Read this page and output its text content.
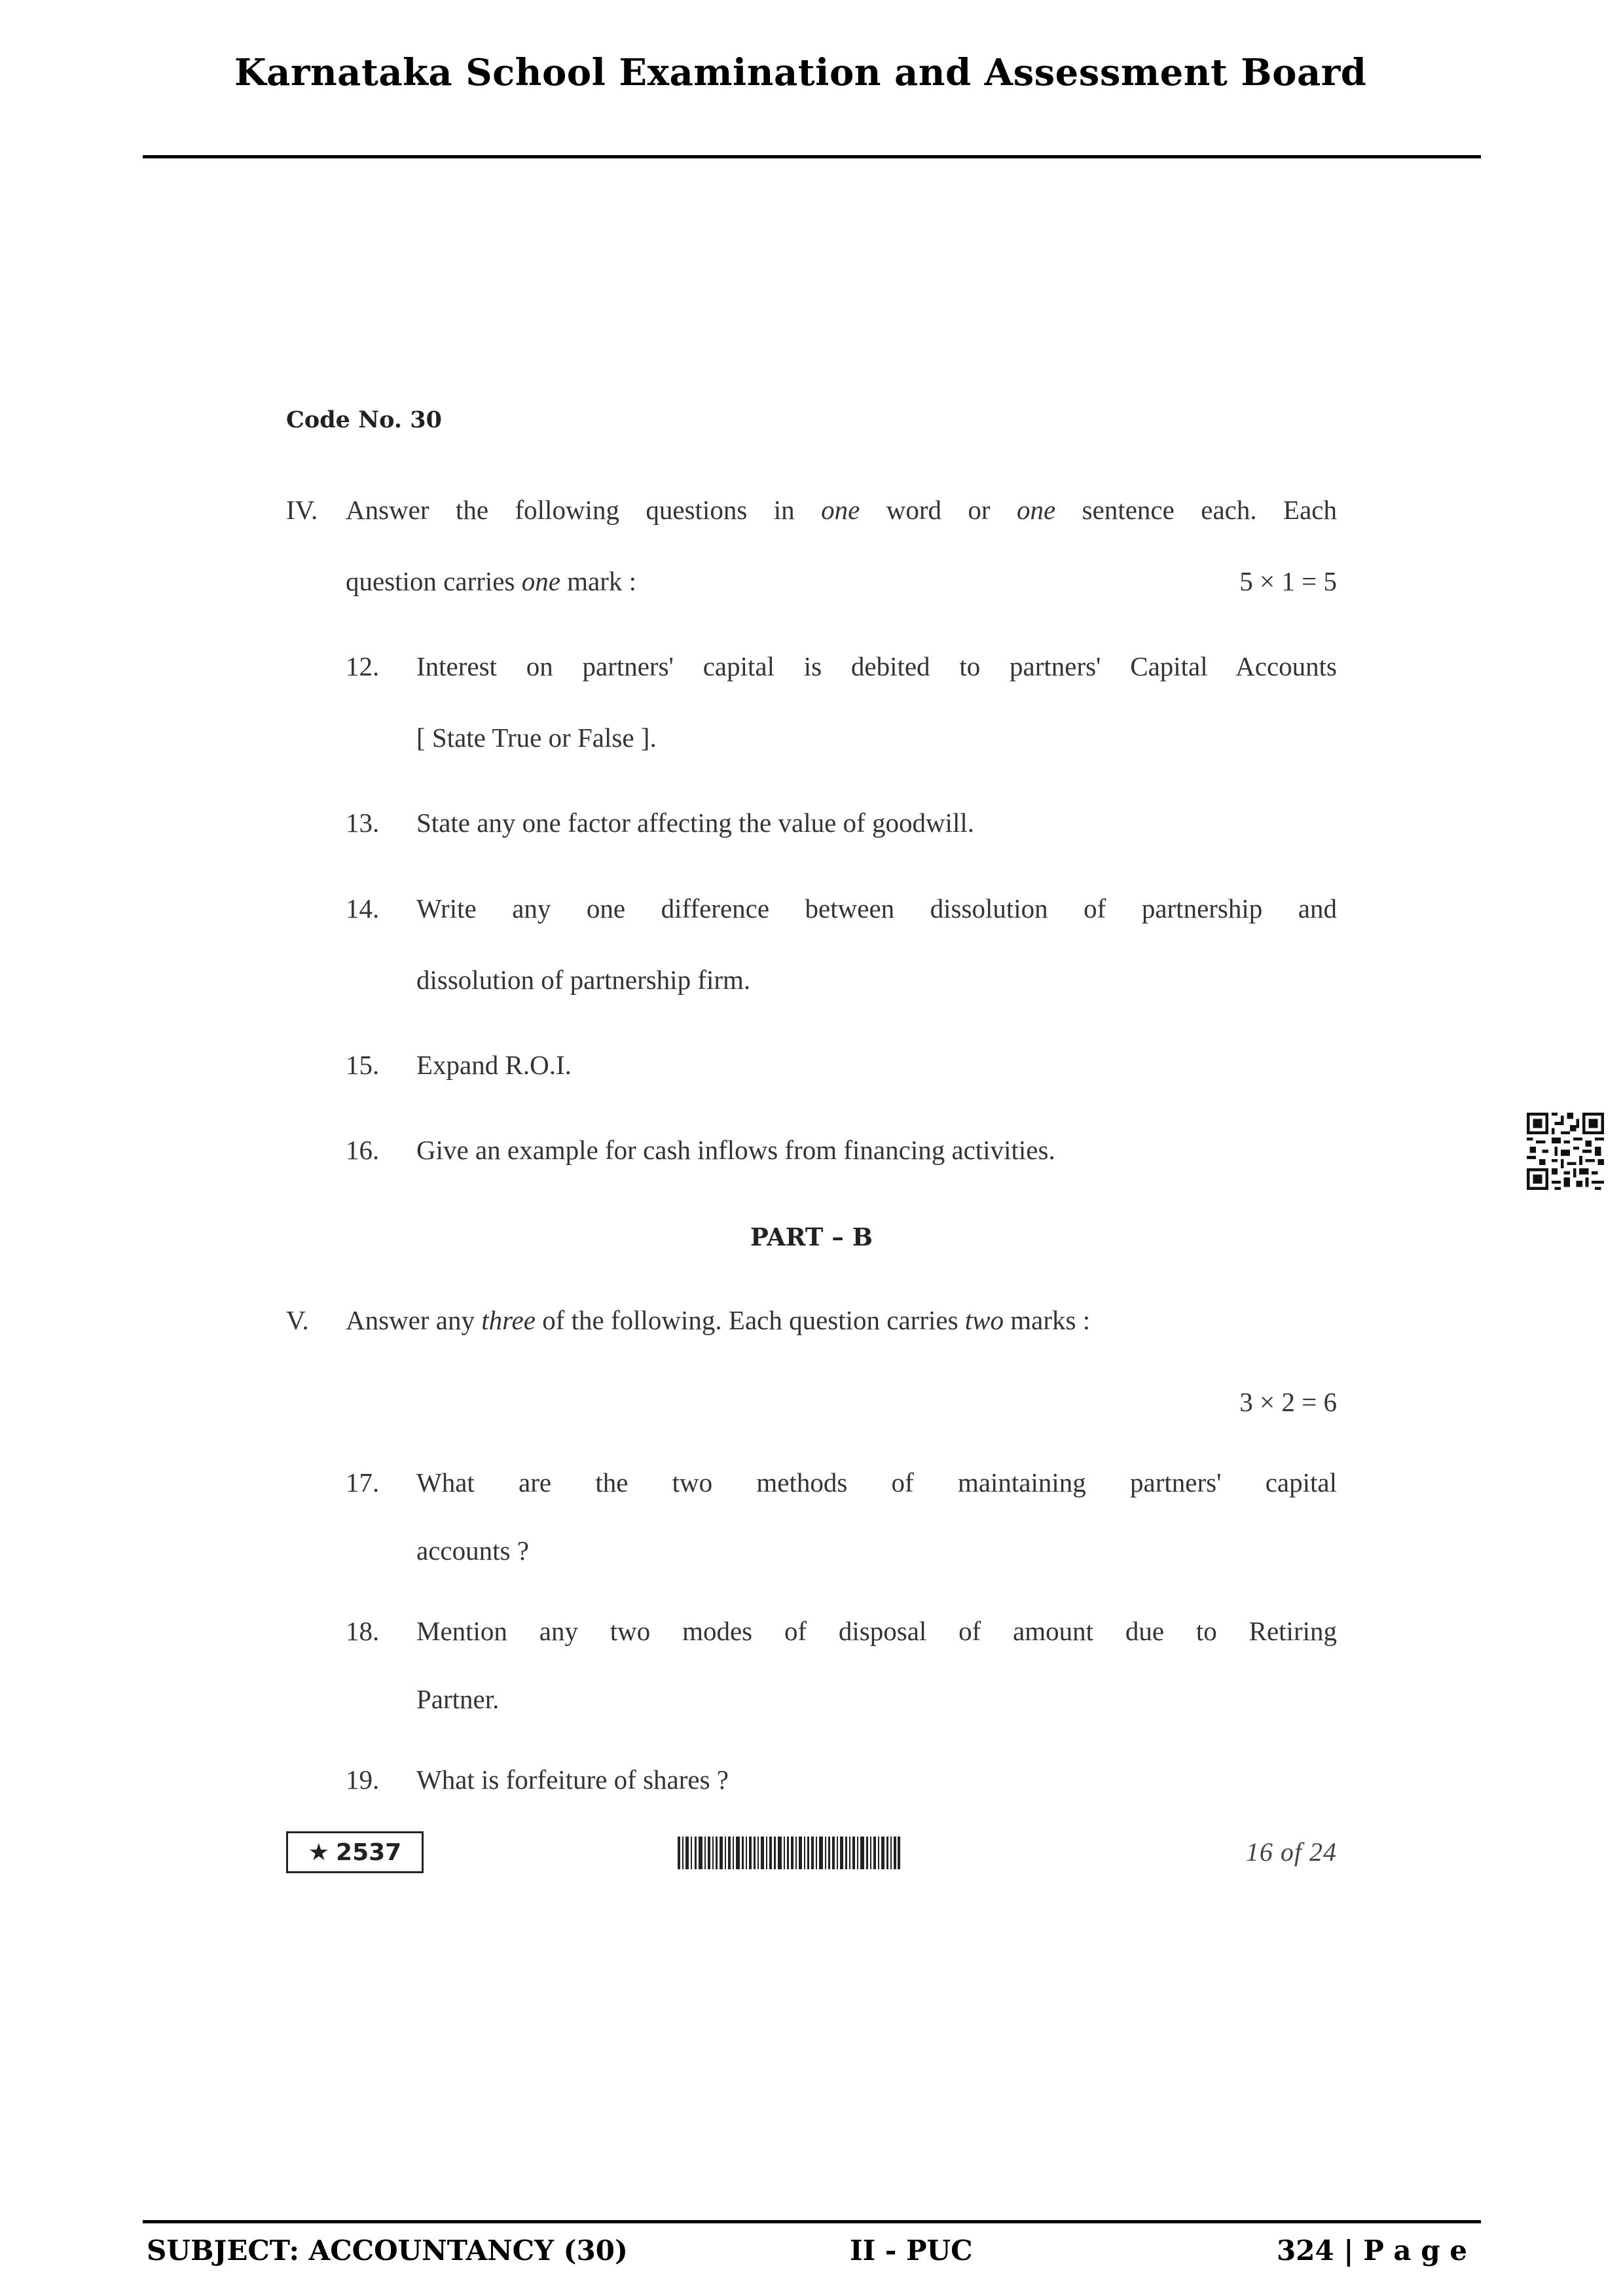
Karnataka School Examination and Assessment Board
Code No. 30
IV. Answer the following questions in one word or one sentence each. Each
question carries one mark :	5 × 1 = 5
12. Interest on partners' capital is debited to partners' Capital Accounts
[ State True or False ].
13. State any one factor affecting the value of goodwill.
14. Write any one difference between dissolution of partnership and
dissolution of partnership firm.
15. Expand R.O.I.
16. Give an example for cash inflows from financing activities.
PART – B
V. Answer any three of the following. Each question carries two marks :
3 × 2 = 6
17. What are the two methods of maintaining partners' capital
accounts ?
18. Mention any two modes of disposal of amount due to Retiring
Partner.
19. What is forfeiture of shares ?
★ 2537	16 of 24
SUBJECT: ACCOUNTANCY (30)	II - PUC	324 | P a g e
